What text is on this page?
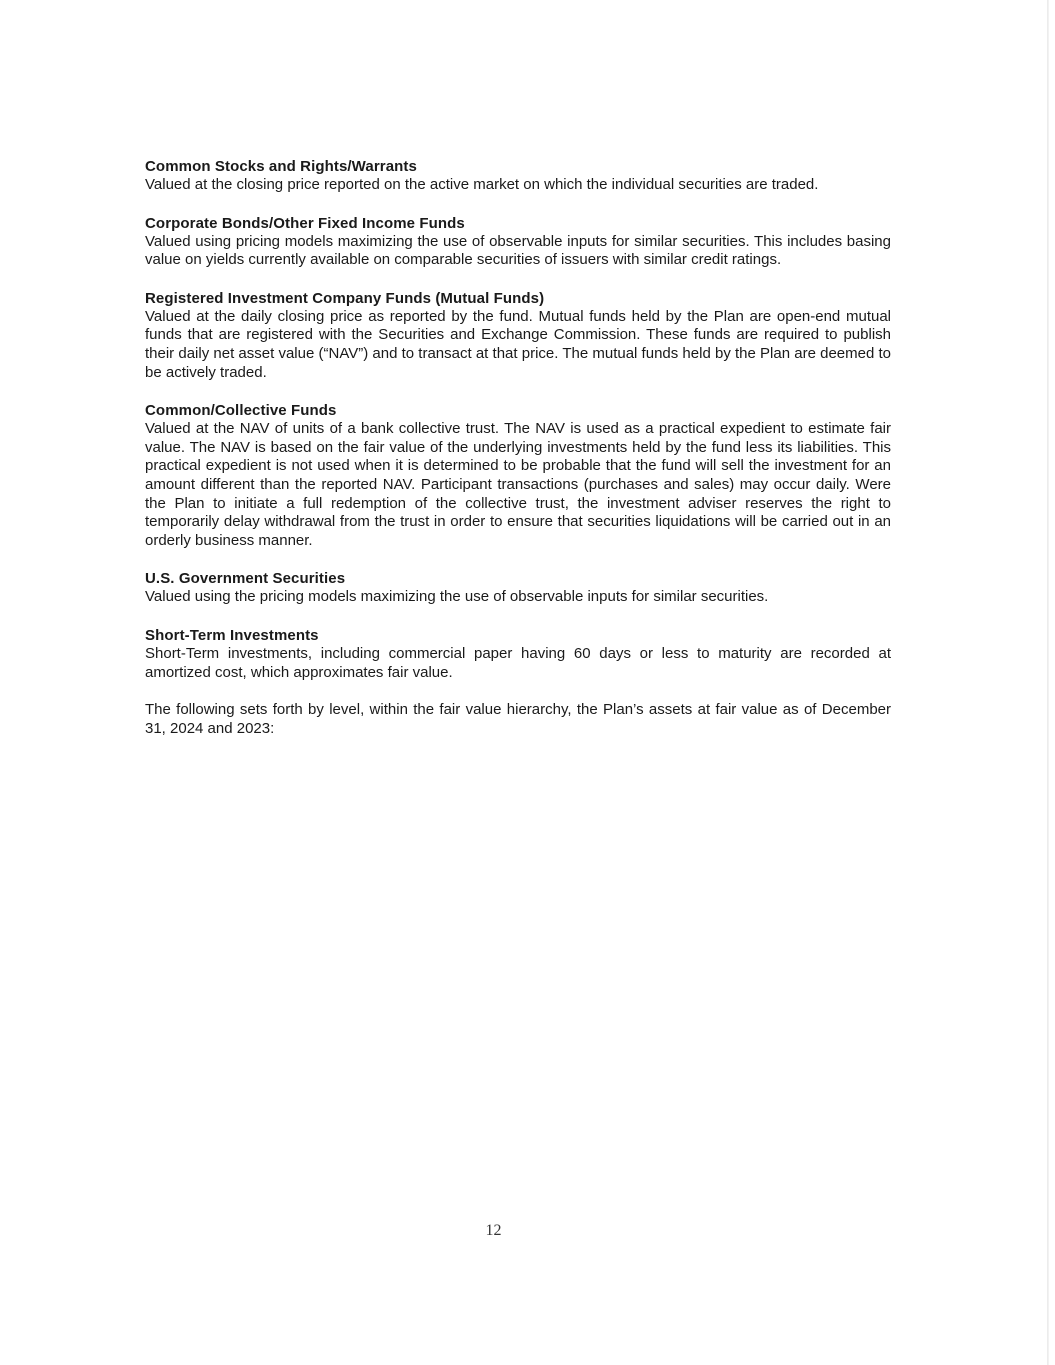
Common Stocks and Rights/Warrants

Valued at the closing price reported on the active market on which the individual securities are traded.

Corporate Bonds/Other Fixed Income Funds

Valued using pricing models maximizing the use of observable inputs for similar securities. This includes basing value on yields currently available on comparable securities of issuers with similar credit ratings.

Registered Investment Company Funds (Mutual Funds)

Valued at the daily closing price as reported by the fund. Mutual funds held by the Plan are open-end mutual funds that are registered with the Securities and Exchange Commission. These funds are required to publish their daily net asset value (“NAV”) and to transact at that price. The mutual funds held by the Plan are deemed to be actively traded.

Common/Collective Funds

Valued at the NAV of units of a bank collective trust. The NAV is used as a practical expedient to estimate fair value. The NAV is based on the fair value of the underlying investments held by the fund less its liabilities. This practical expedient is not used when it is determined to be probable that the fund will sell the investment for an amount different than the reported NAV. Participant transactions (purchases and sales) may occur daily. Were the Plan to initiate a full redemption of the collective trust, the investment adviser reserves the right to temporarily delay withdrawal from the trust in order to ensure that securities liquidations will be carried out in an orderly business manner.

U.S. Government Securities

Valued using the pricing models maximizing the use of observable inputs for similar securities.

Short-Term Investments

Short-Term investments, including commercial paper having 60 days or less to maturity are recorded at amortized cost, which approximates fair value.

The following sets forth by level, within the fair value hierarchy, the Plan’s assets at fair value as of December 31, 2024 and 2023:

12
